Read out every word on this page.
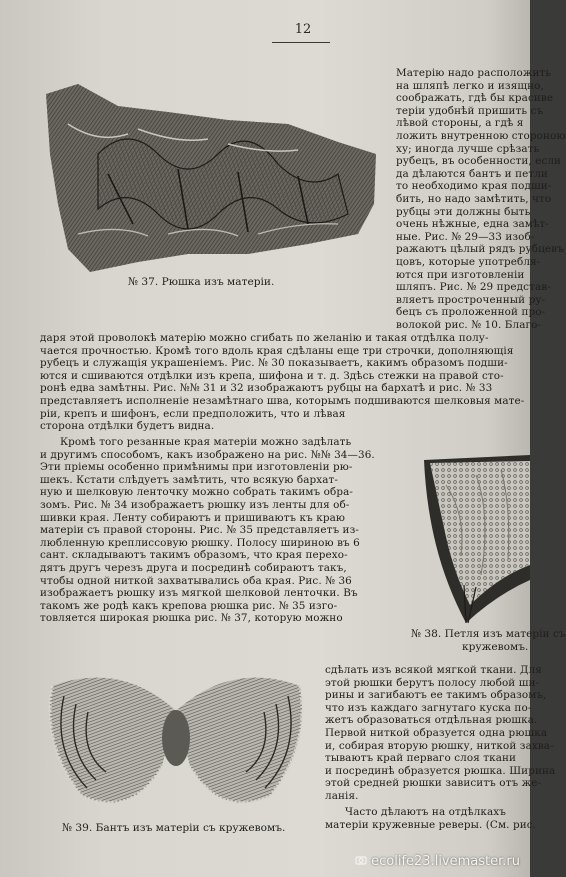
12
№ 37. Рюшка изъ матеріи.
Матерію надо расположить
на шляпѣ легко и изящно,
соображать, гдѣ бы красиве
теріи удобнѣй пришить съ
лѣвой стороны, а гдѣ я
ложить внутренною стороною
ху; иногда лучше срѣзать
рубецъ, въ особенности, если
да дѣлаются бантъ и петли
то необходимо края подши-
бить, но надо замѣтить, что
рубцы эти должны быть
очень нѣжные, една замѣт-
ные. Рис. № 29—33 изоб-
ражаютъ цѣлый рядъ рубцевъ
цовъ, которые употребля-
ются при изготовленіи
шляпъ. Рис. № 29 представ-
вляетъ простроченный ру-
бецъ съ проложенной про-
волокой рис. № 10. Благо-
даря этой проволокѣ матерію можно сгибать по желанію и такая отдѣлка полу-
чается прочностью. Кромѣ того вдоль края сдѣланы еще три строчки, дополняющія
рубецъ и служащія украшеніемъ. Рис. № 30 показываетъ, какимъ образомъ подши-
ются и сшиваются отдѣлки изъ крепа, шифона и т. д. Здѣсь стежки на правой сто-
ронѣ едва замѣтны. Рис. №№ 31 и 32 изображаютъ рубцы на бархатѣ и рис. № 33
представляетъ исполненіе незамѣтнаго шва, которымъ подшиваются шелковыя мате-
ріи, крепъ и шифонъ, если предположить, что и лѣвая
сторона отдѣлки будетъ видна.
Кромѣ того резанные края матеріи можно задѣлать
и другимъ способомъ, какъ изображено на рис. №№ 34—36.
Эти пріемы особенно примѣнимы при изготовленіи рю-
шекъ. Кстати слѣдуетъ замѣтить, что всякую бархат-
ную и шелковую ленточку можно собрать такимъ обра-
зомъ. Рис. № 34 изображаетъ рюшку изъ ленты для об-
шивки края. Ленту собираютъ и пришиваютъ къ краю
матеріи съ правой стороны. Рис. № 35 представляетъ из-
любленную креплиссовую рюшку. Полосу шириною въ 6
сант. складываютъ такимъ образомъ, что края перехо-
дятъ другъ черезъ друга и посрединѣ собираютъ такъ,
чтобы одной ниткой захватывались оба края. Рис. № 36
изображаетъ рюшку изъ мягкой шелковой ленточки. Въ
такомъ же родѣ какъ крепова рюшка рис. № 35 изго-
товляется широкая рюшка рис. № 37, которую можно
№ 38. Петля изъ матеріи съ
кружевомъ.
№ 39. Бантъ изъ матеріи съ кружевомъ.
сдѣлать изъ всякой мягкой ткани. Для
этой рюшки берутъ полосу любой ши-
рины и загибаютъ ее такимъ образомъ,
что изъ каждаго загнутаго куска по-
жетъ образоваться отдѣльная рюшка.
Первой ниткой образуется одна рюшка
и, собирая вторую рюшку, ниткой захва-
тываютъ край перваго слоя ткани
и посрединѣ образуется рюшка. Ширина
этой средней рюшки зависитъ отъ же-
ланія.
Часто дѣлаютъ на отдѣлкахъ
матеріи кружевные реверы. (См. рис.
ecolife23.livemaster.ru
